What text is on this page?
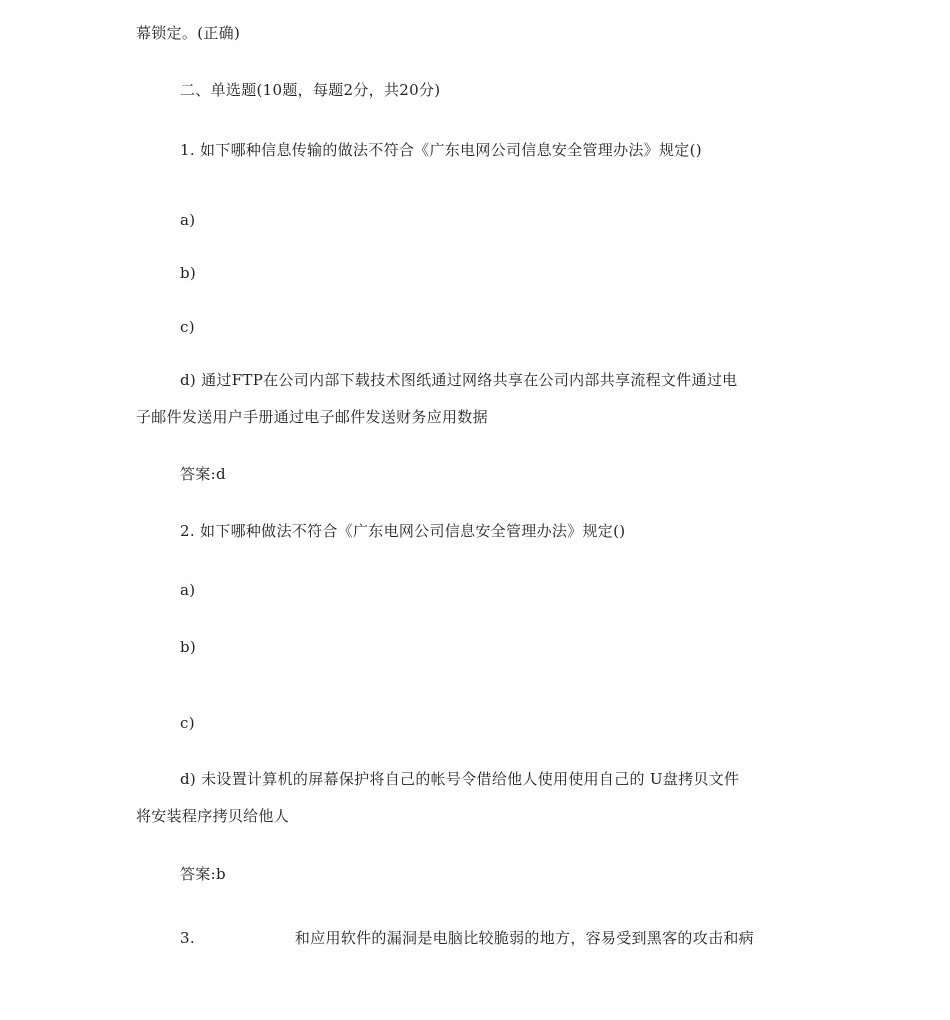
幕锁定。(正确)
二、单选题(10题，每题2分，共20分)
1. 如下哪种信息传输的做法不符合《广东电网公司信息安全管理办法》规定()
a)
b)
c)
d) 通过FTP在公司内部下载技术图纸通过网络共享在公司内部共享流程文件通过电
子邮件发送用户手册通过电子邮件发送财务应用数据
答案:d
2. 如下哪种做法不符合《广东电网公司信息安全管理办法》规定()
a)
b)
c)
d) 未设置计算机的屏幕保护将自己的帐号令借给他人使用使用自己的 U盘拷贝文件
将安装程序拷贝给他人
答案:b
3.	和应用软件的漏洞是电脑比较脆弱的地方，容易受到黑客的攻击和病
